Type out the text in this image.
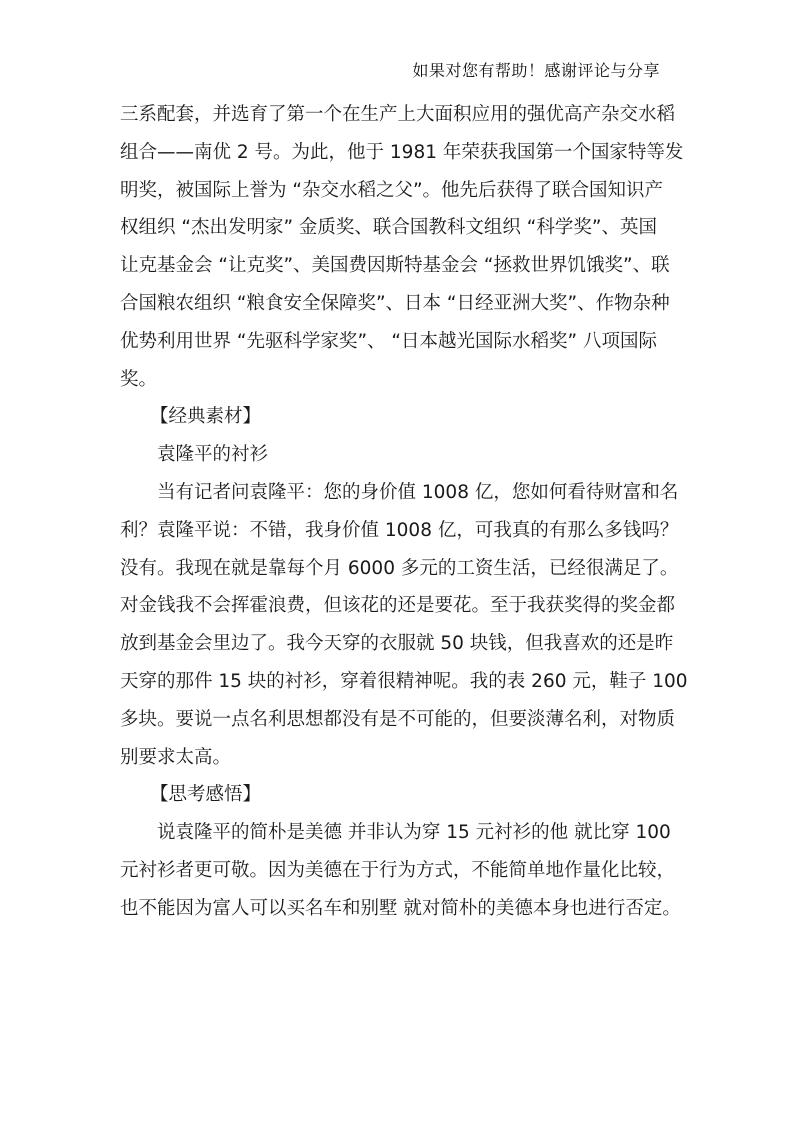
如果对您有帮助！感谢评论与分享
三系配套，并选育了第一个在生产上大面积应用的强优高产杂交水稻
组合——南优 2 号。为此，他于 1981 年荣获我国第一个国家特等发
明奖，被国际上誉为 “杂交水稻之父”。他先后获得了联合国知识产
权组织 “杰出发明家” 金质奖、联合国教科文组织 “科学奖”、英国
让克基金会 “让克奖”、美国费因斯特基金会 “拯救世界饥饿奖”、联
合国粮农组织 “粮食安全保障奖”、日本 “日经亚洲大奖”、作物杂种
优势利用世界 “先驱科学家奖”、 “日本越光国际水稻奖” 八项国际
奖。
【经典素材】
袁隆平的衬衫
当有记者问袁隆平：您的身价值 1008 亿，您如何看待财富和名
利？袁隆平说：不错，我身价值 1008 亿，可我真的有那么多钱吗？
没有。我现在就是靠每个月 6000 多元的工资生活，已经很满足了。
对金钱我不会挥霍浪费，但该花的还是要花。至于我获奖得的奖金都
放到基金会里边了。我今天穿的衣服就 50 块钱，但我喜欢的还是昨
天穿的那件 15 块的衬衫，穿着很精神呢。我的表 260 元，鞋子 100
多块。要说一点名利思想都没有是不可能的，但要淡薄名利，对物质
别要求太高。
【思考感悟】
说袁隆平的简朴是美德 并非认为穿 15 元衬衫的他 就比穿 100
元衬衫者更可敬。因为美德在于行为方式，不能简单地作量化比较，
也不能因为富人可以买名车和别墅 就对简朴的美德本身也进行否定。
